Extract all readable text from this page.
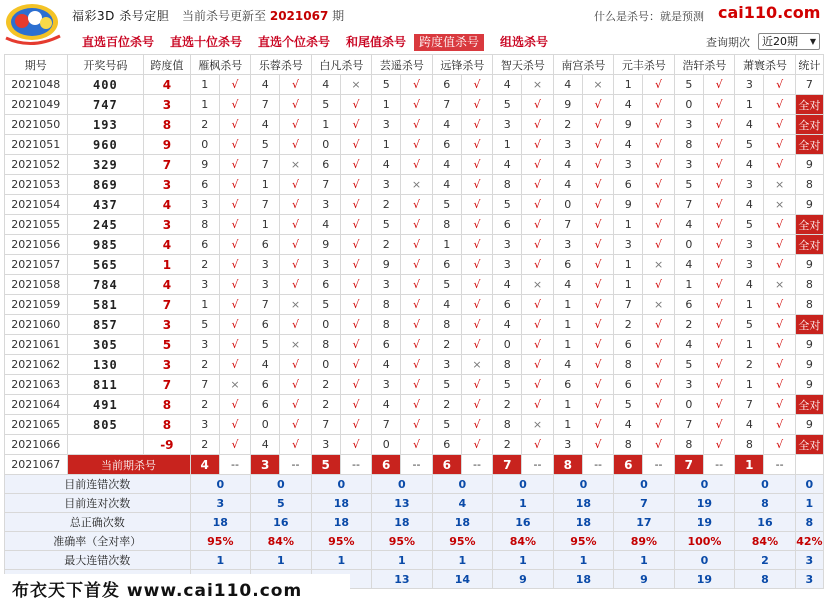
福彩3D 杀号定胆 当前杀号更新至 2021067 期	什么是杀号：就是预测 cai110.com
直选百位杀号 直选十位杀号 直选个位杀号 和尾值杀号	跨度值杀号	组选杀号	查询期次	近20期 ▼
期号	开奖号码	跨度值	雁枫杀号		乐蓉杀号		白凡杀号		芸遥杀号		远锋杀号		智天杀号		南宫杀号		元丰杀号		浩轩杀号		萧寰杀号		统计
2021048	400	4	1	√	4	√	4	×	5	√	6	√	4	×	4	×	1	√	5	√	3	√	7
2021049	747	3	1	√	7	√	5	√	1	√	7	√	5	√	9	√	4	√	0	√	1	√	全对
2021050	193	8	2	√	4	√	1	√	3	√	4	√	3	√	2	√	9	√	3	√	4	√	全对
2021051	960	9	0	√	5	√	0	√	1	√	6	√	1	√	3	√	4	√	8	√	5	√	全对
2021052	329	7	9	√	7	×	6	√	4	√	4	√	4	√	4	√	3	√	3	√	4	√	9
2021053	869	3	6	√	1	√	7	√	3	×	4	√	8	√	4	√	6	√	5	√	3	×	8
2021054	437	4	3	√	7	√	3	√	2	√	5	√	5	√	0	√	9	√	7	√	4	×	9
2021055	245	3	8	√	1	√	4	√	5	√	8	√	6	√	7	√	1	√	4	√	5	√	全对
2021056	985	4	6	√	6	√	9	√	2	√	1	√	3	√	3	√	3	√	0	√	3	√	全对
2021057	565	1	2	√	3	√	3	√	9	√	6	√	3	√	6	√	1	×	4	√	3	√	9
2021058	784	4	3	√	3	√	6	√	3	√	5	√	4	×	4	√	1	√	1	√	4	×	8
2021059	581	7	1	√	7	×	5	√	8	√	4	√	6	√	1	√	7	×	6	√	1	√	8
2021060	857	3	5	√	6	√	0	√	8	√	8	√	4	√	1	√	2	√	2	√	5	√	全对
2021061	305	5	3	√	5	×	8	√	6	√	2	√	0	√	1	√	6	√	4	√	1	√	9
2021062	130	3	2	√	4	√	0	√	4	√	3	×	8	√	4	√	8	√	5	√	2	√	9
2021063	811	7	7	×	6	√	2	√	3	√	5	√	5	√	6	√	6	√	3	√	1	√	9
2021064	491	8	2	√	6	√	2	√	4	√	2	√	2	√	1	√	5	√	0	√	7	√	全对
2021065	805	8	3	√	0	√	7	√	7	√	5	√	8	×	1	√	4	√	7	√	4	√	9
2021066		-9	2	√	4	√	3	√	0	√	6	√	2	√	3	√	8	√	8	√	8	√	全对
2021067	当前期杀号		4	--	3	--	5	--	6	--	6	--	7	--	8	--	6	--	7	--	1	--	
目前连错次数			0		0		0		0		0		0		0		0		0		0		0
目前连对次数			3		5		18		13		4		1		18		7		19		8		1
总正确次数			18		16		18		18		18		16		18		17		19		16		8
准确率（全对率）			95%		84%		95%		95%		95%		84%		95%		89%		100%		84%		42%
最大连错次数			1		1		1		1		1		1		1		1		0		2		3
									13		14		9		18		9		19		8		3
布衣天下首发 www.cai110.com
